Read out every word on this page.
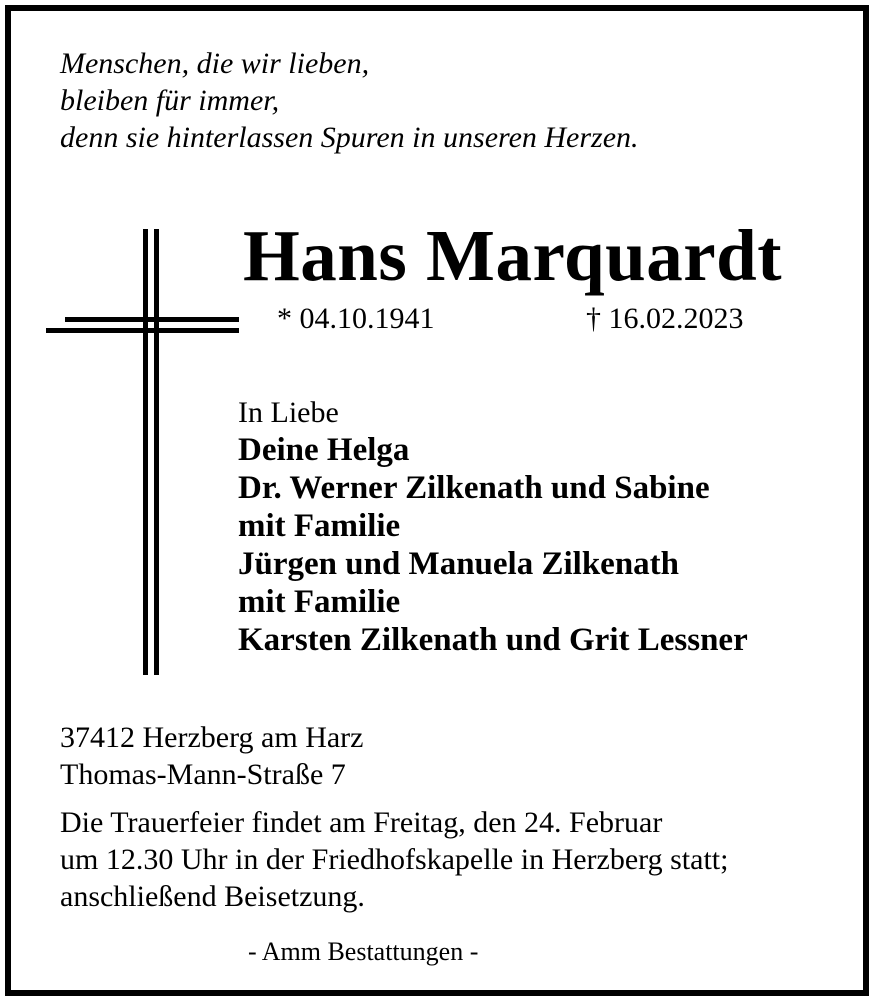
Menschen, die wir lieben,
bleiben für immer,
denn sie hinterlassen Spuren in unseren Herzen.
Hans Marquardt
* 04.10.1941	† 16.02.2023
In Liebe
Deine Helga
Dr. Werner Zilkenath und Sabine
mit Familie
Jürgen und Manuela Zilkenath
mit Familie
Karsten Zilkenath und Grit Lessner
37412 Herzberg am Harz
Thomas-Mann-Straße 7
Die Trauerfeier findet am Freitag, den 24. Februar
um 12.30 Uhr in der Friedhofskapelle in Herzberg statt;
anschließend Beisetzung.
- Amm Bestattungen -
